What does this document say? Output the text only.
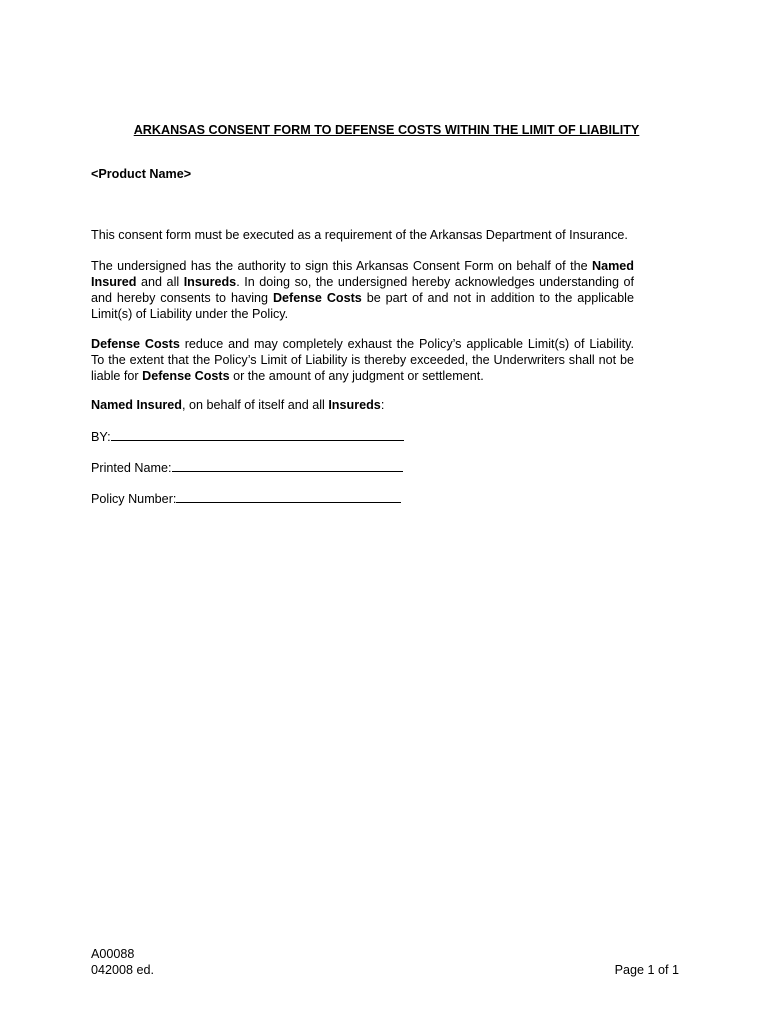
ARKANSAS CONSENT FORM TO DEFENSE COSTS WITHIN THE LIMIT OF LIABILITY
<Product Name>
This consent form must be executed as a requirement of the Arkansas Department of Insurance.
The undersigned has the authority to sign this Arkansas Consent Form on behalf of the Named Insured and all Insureds. In doing so, the undersigned hereby acknowledges understanding of and hereby consents to having Defense Costs be part of and not in addition to the applicable Limit(s) of Liability under the Policy.
Defense Costs reduce and may completely exhaust the Policy’s applicable Limit(s) of Liability. To the extent that the Policy’s Limit of Liability is thereby exceeded, the Underwriters shall not be liable for Defense Costs or the amount of any judgment or settlement.
Named Insured, on behalf of itself and all Insureds:
BY:
Printed Name:
Policy Number:
A00088
042008 ed.	Page 1 of 1
